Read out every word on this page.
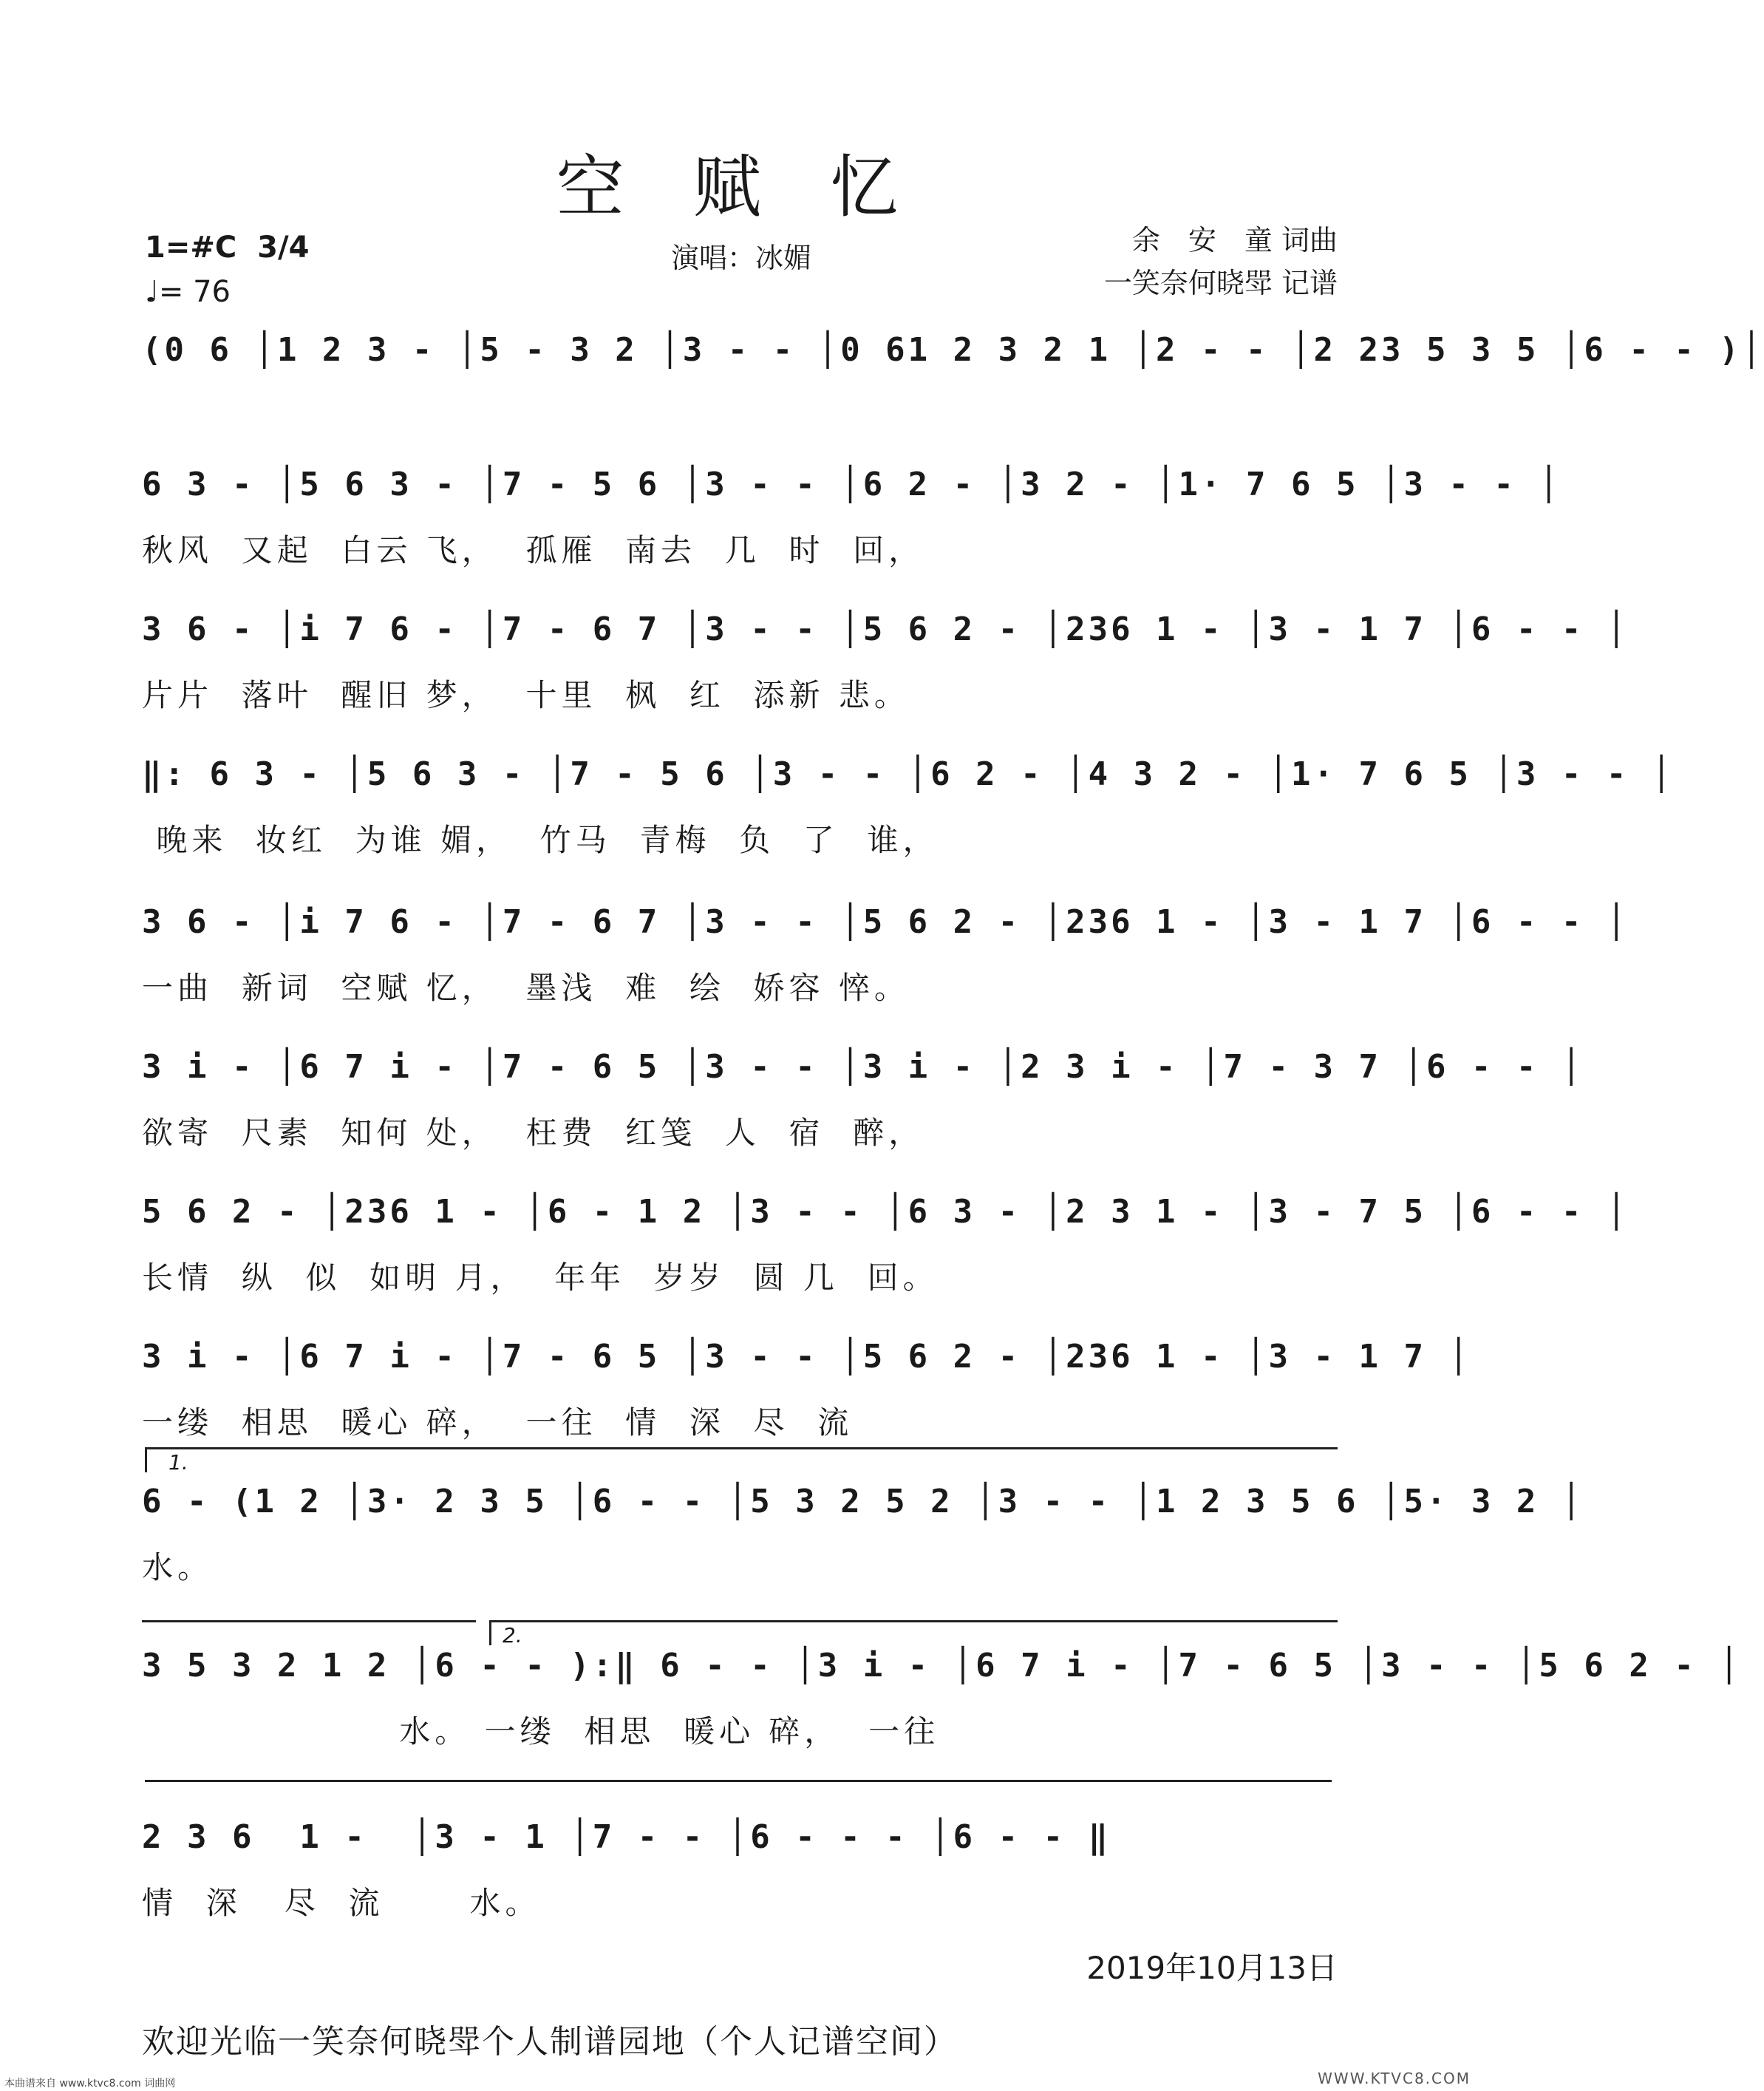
空 赋 忆
1=#C 3/4
♩= 76
演唱：冰媚
余　安　童 词曲
一笑奈何晓斝 记谱
(0 6 │1 2 3 - │5 - 3 2 │3 - - │0 61 2 3 2 1 │2 - - │2 23 5 3 5 │6 - - )│
6 3 - │5 6 3 - │7 - 5 6 │3 - - │6 2 - │3 2 - │1· 7 6 5 │3 - - │
秋风  又起  白云 飞，  孤雁  南去  几  时  回，
3 6 - │i 7 6 - │7 - 6 7 │3 - - │5 6 2 - │236 1 - │3 - 1 7 │6 - - │
片片  落叶  醒旧 梦，  十里  枫  红  添新 悲。
‖: 6 3 - │5 6 3 - │7 - 5 6 │3 - - │6 2 - │4 3 2 - │1· 7 6 5 │3 - - │
晚来  妆红  为谁 媚，  竹马  青梅  负  了  谁，
3 6 - │i 7 6 - │7 - 6 7 │3 - - │5 6 2 - │236 1 - │3 - 1 7 │6 - - │
一曲  新词  空赋 忆，  墨浅  难  绘  娇容 悴。
3 i - │6 7 i - │7 - 6 5 │3 - - │3 i - │2 3 i - │7 - 3 7 │6 - - │
欲寄  尺素  知何 处，  枉费  红笺  人  宿  醉，
5 6 2 - │236 1 - │6 - 1 2 │3 - - │6 3 - │2 3 1 - │3 - 7 5 │6 - - │
长情  纵  似  如明 月，  年年  岁岁  圆 几  回。
3 i - │6 7 i - │7 - 6 5 │3 - - │5 6 2 - │236 1 - │3 - 1 7 │
一缕  相思  暖心 碎，  一往  情  深  尽  流
1.
6 - (1 2 │3· 2 3 5 │6 - - │5 3 2 5 2 │3 - - │1 2 3 5 6 │5· 3 2 │
水。
2.
3 5 3 2 1 2 │6 - - ):‖ 6 - - │3 i - │6 7 i - │7 - 6 5 │3 - - │5 6 2 - │
水。 一缕  相思  暖心 碎，  一往
2 3 6  1 -  │3 - 1 │7 - - │6 - - - │6 - - ‖
情  深   尽  流      水。
2019年10月13日
欢迎光临一笑奈何晓斝个人制谱园地（个人记谱空间）
本曲谱来自 www.ktvc8.com 词曲网	WWW.KTVC8.COM
